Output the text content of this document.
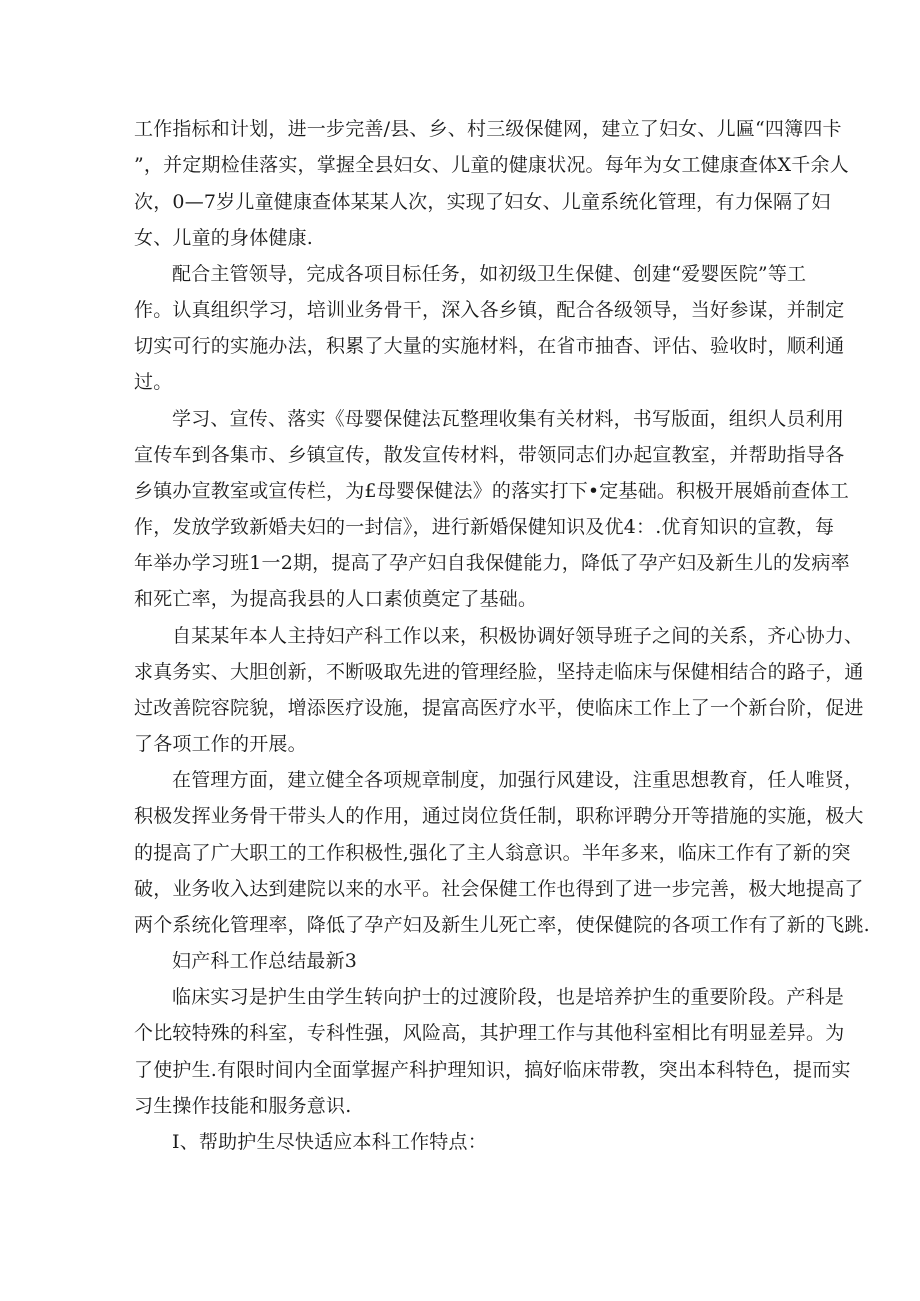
工作指标和计划，进一步完善/县、乡、村三级保健网，建立了妇女、儿匾“四簿四卡
”，并定期检佳落实，掌握全县妇女、儿童的健康状况。每年为女工健康查体X千余人
次，0—7岁儿童健康查体某某人次，实现了妇女、儿童系统化管理，有力保隔了妇
女、儿童的身体健康.
配合主管领导，完成各项目标任务，如初级卫生保健、创建“爱婴医院”等工
作。认真组织学习，培训业务骨干，深入各乡镇，配合各级领导，当好参谋，并制定
切实可行的实施办法，积累了大量的实施材料，在省市抽杳、评估、验收时，顺利通
过。
学习、宣传、落实《母婴保健法瓦整理收集有关材料，书写版面，组织人员利用
宣传车到各集市、乡镇宣传，散发宣传材料，带领同志们办起宣教室，并帮助指导各
乡镇办宣教室或宣传栏，为£母婴保健法》的落实打下•定基础。积极开展婚前查体工
作，发放学致新婚夫妇的一封信》，进行新婚保健知识及优4：.优育知识的宣教，每
年举办学习班1一2期，提高了孕产妇自我保健能力，降低了孕产妇及新生儿的发病率
和死亡率，为提高我县的人口素侦奠定了基础。
自某某年本人主持妇产科工作以来，积极协调好领导班子之间的关系，齐心协力、
求真务实、大胆创新，不断吸取先进的管理经脸，坚持走临床与保健相结合的路子，通
过改善院容院貌，增添医疗设施，提富高医疗水平，使临床工作上了一个新台阶，促进
了各项工作的开展。
在管理方面，建立健全各项规章制度，加强行风建设，注重思想教育，任人唯贤，
积极发挥业务骨干带头人的作用，通过岗位货任制，职称评聘分开等措施的实施，极大
的提高了广大职工的工作积极性,强化了主人翁意识。半年多来，临床工作有了新的突
破，业务收入达到建院以来的水平。社会保健工作也得到了进一步完善，极大地提高了
两个系统化管理率，降低了孕产妇及新生儿死亡率，使保健院的各项工作有了新的飞跳.
妇产科工作总结最新3
临床实习是护生由学生转向护士的过渡阶段，也是培养护生的重要阶段。产科是
个比较特殊的科室，专科性强，风险高，其护理工作与其他科室相比有明显差异。为
了使护生.有限时间内全面掌握产科护理知识，搞好临床带教，突出本科特色，提而实
习生操作技能和服务意识.
I、帮助护生尽快适应本科工作特点：
